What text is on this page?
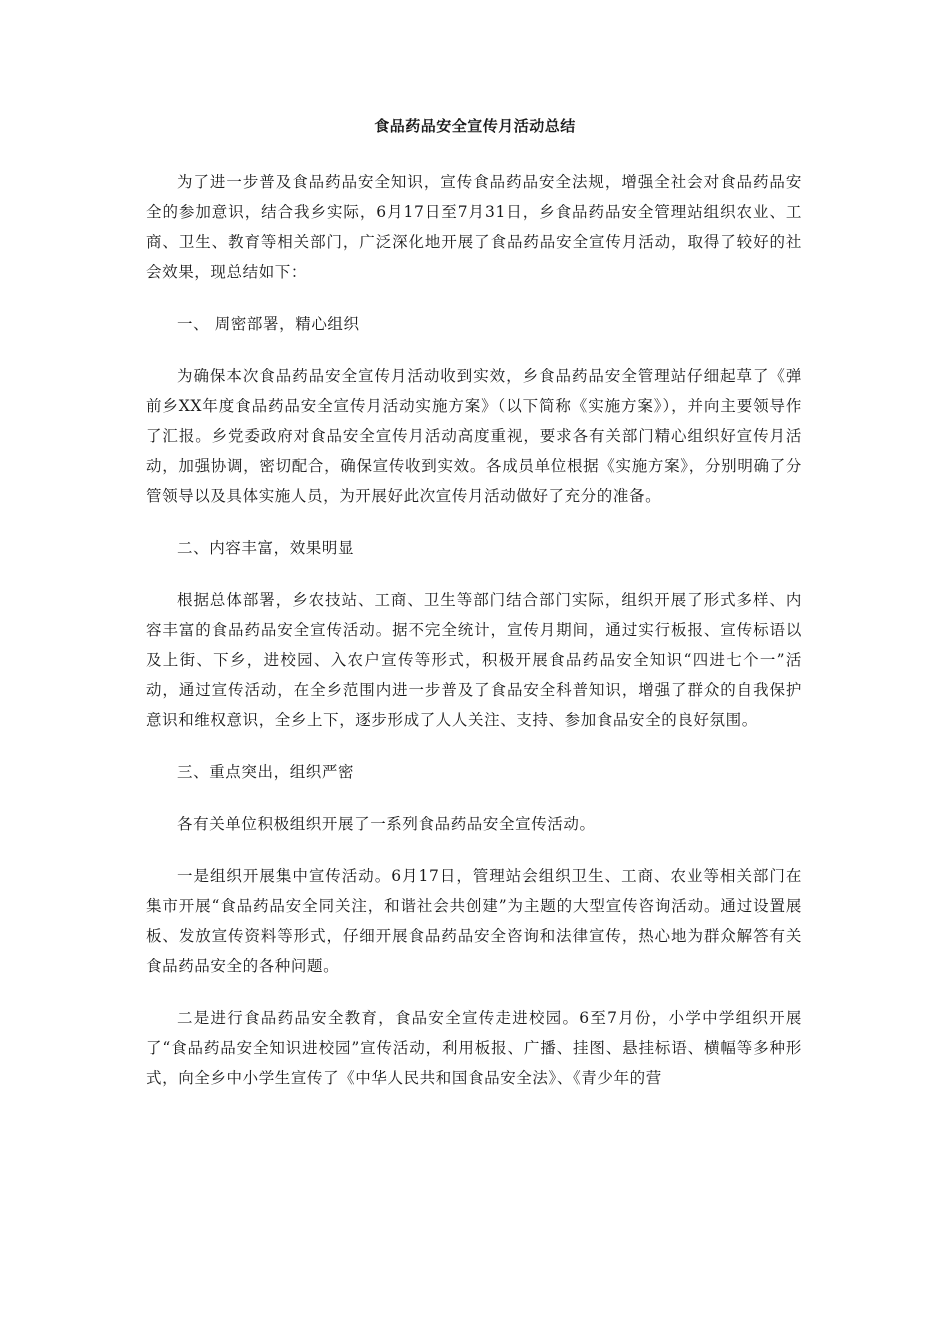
食品药品安全宣传月活动总结

为了进一步普及食品药品安全知识，宣传食品药品安全法规，增强全社会对食品药品安全的参加意识，结合我乡实际，6月17日至7月31日，乡食品药品安全管理站组织农业、工商、卫生、教育等相关部门，广泛深化地开展了食品药品安全宣传月活动，取得了较好的社会效果，现总结如下：

一、 周密部署，精心组织

为确保本次食品药品安全宣传月活动收到实效，乡食品药品安全管理站仔细起草了《弹前乡XX年度食品药品安全宣传月活动实施方案》（以下简称《实施方案》），并向主要领导作了汇报。乡党委政府对食品安全宣传月活动高度重视，要求各有关部门精心组织好宣传月活动，加强协调，密切配合，确保宣传收到实效。各成员单位根据《实施方案》，分别明确了分管领导以及具体实施人员，为开展好此次宣传月活动做好了充分的准备。

二、内容丰富，效果明显

根据总体部署，乡农技站、工商、卫生等部门结合部门实际，组织开展了形式多样、内容丰富的食品药品安全宣传活动。据不完全统计，宣传月期间，通过实行板报、宣传标语以及上街、下乡，进校园、入农户宣传等形式，积极开展食品药品安全知识“四进七个一”活动，通过宣传活动，在全乡范围内进一步普及了食品安全科普知识，增强了群众的自我保护意识和维权意识，全乡上下，逐步形成了人人关注、支持、参加食品安全的良好氛围。

三、重点突出，组织严密

各有关单位积极组织开展了一系列食品药品安全宣传活动。

一是组织开展集中宣传活动。6月17日，管理站会组织卫生、工商、农业等相关部门在集市开展“食品药品安全同关注，和谐社会共创建”为主题的大型宣传咨询活动。通过设置展板、发放宣传资料等形式，仔细开展食品药品安全咨询和法律宣传，热心地为群众解答有关食品药品安全的各种问题。

二是进行食品药品安全教育，食品安全宣传走进校园。6至7月份，小学中学组织开展了“食品药品安全知识进校园”宣传活动，利用板报、广播、挂图、悬挂标语、横幅等多种形式，向全乡中小学生宣传了《中华人民共和国食品安全法》、《青少年的营
